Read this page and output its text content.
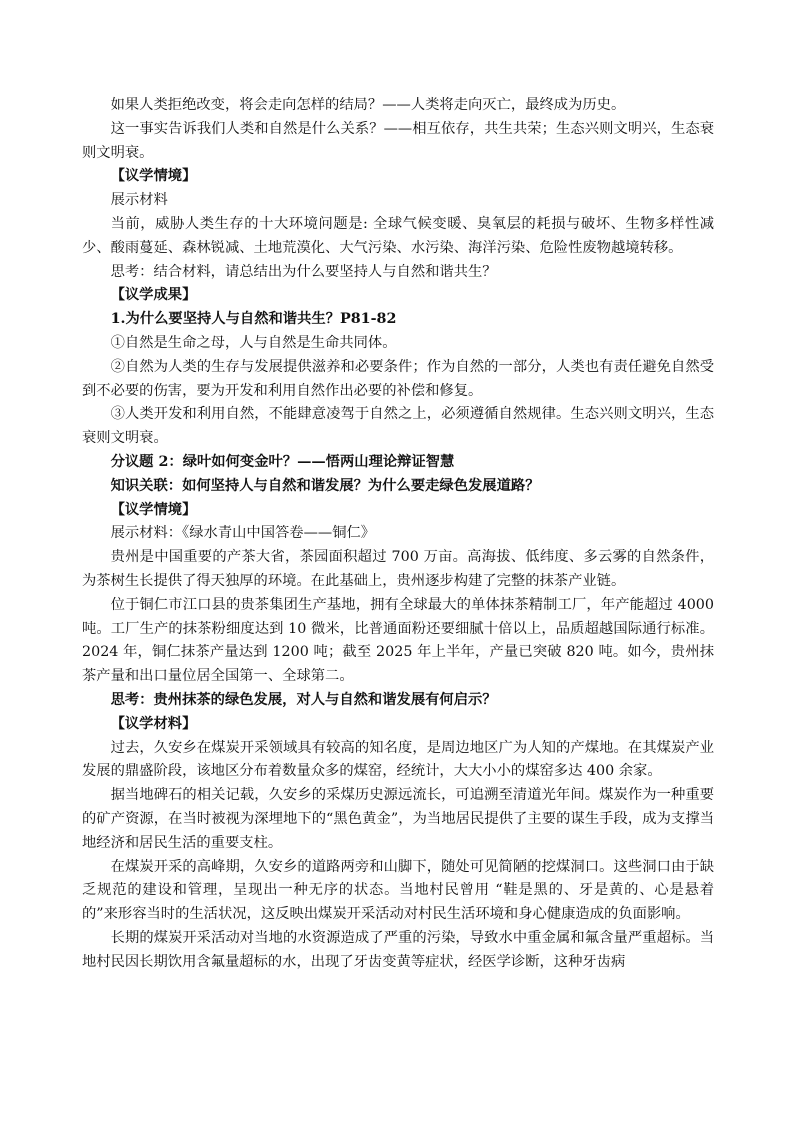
如果人类拒绝改变，将会走向怎样的结局？——人类将走向灭亡，最终成为历史。

这一事实告诉我们人类和自然是什么关系？——相互依存，共生共荣；生态兴则文明兴，生态衰则文明衰。

【议学情境】

展示材料

当前，威胁人类生存的十大环境问题是: 全球气候变暖、臭氧层的耗损与破坏、生物多样性减少、酸雨蔓延、森林锐减、土地荒漠化、大气污染、水污染、海洋污染、危险性废物越境转移。

思考：结合材料，请总结出为什么要坚持人与自然和谐共生？

【议学成果】

1.为什么要坚持人与自然和谐共生？P81-82

①自然是生命之母，人与自然是生命共同体。

②自然为人类的生存与发展提供滋养和必要条件；作为自然的一部分，人类也有责任避免自然受到不必要的伤害，要为开发和利用自然作出必要的补偿和修复。

③人类开发和利用自然，不能肆意凌驾于自然之上，必须遵循自然规律。生态兴则文明兴，生态衰则文明衰。

分议题 2：绿叶如何变金叶？——悟两山理论辩证智慧

知识关联：如何坚持人与自然和谐发展？为什么要走绿色发展道路？

【议学情境】

展示材料：《绿水青山中国答卷——铜仁》

贵州是中国重要的产茶大省，茶园面积超过 700 万亩。高海拔、低纬度、多云雾的自然条件，为茶树生长提供了得天独厚的环境。在此基础上，贵州逐步构建了完整的抹茶产业链。

位于铜仁市江口县的贵茶集团生产基地，拥有全球最大的单体抹茶精制工厂，年产能超过 4000 吨。工厂生产的抹茶粉细度达到 10 微米，比普通面粉还要细腻十倍以上，品质超越国际通行标准。2024 年，铜仁抹茶产量达到 1200 吨；截至 2025 年上半年，产量已突破 820 吨。如今，贵州抹茶产量和出口量位居全国第一、全球第二。

思考：贵州抹茶的绿色发展，对人与自然和谐发展有何启示？

【议学材料】

过去，久安乡在煤炭开采领域具有较高的知名度，是周边地区广为人知的产煤地。在其煤炭产业发展的鼎盛阶段，该地区分布着数量众多的煤窑，经统计，大大小小的煤窑多达 400 余家。

据当地碑石的相关记载，久安乡的采煤历史源远流长，可追溯至清道光年间。煤炭作为一种重要的矿产资源，在当时被视为深埋地下的“黑色黄金”，为当地居民提供了主要的谋生手段，成为支撑当地经济和居民生活的重要支柱。

在煤炭开采的高峰期，久安乡的道路两旁和山脚下，随处可见简陋的挖煤洞口。这些洞口由于缺乏规范的建设和管理，呈现出一种无序的状态。当地村民曾用 “鞋是黑的、牙是黄的、心是悬着的”来形容当时的生活状况，这反映出煤炭开采活动对村民生活环境和身心健康造成的负面影响。

长期的煤炭开采活动对当地的水资源造成了严重的污染，导致水中重金属和氟含量严重超标。当地村民因长期饮用含氟量超标的水，出现了牙齿变黄等症状，经医学诊断，这种牙齿病
